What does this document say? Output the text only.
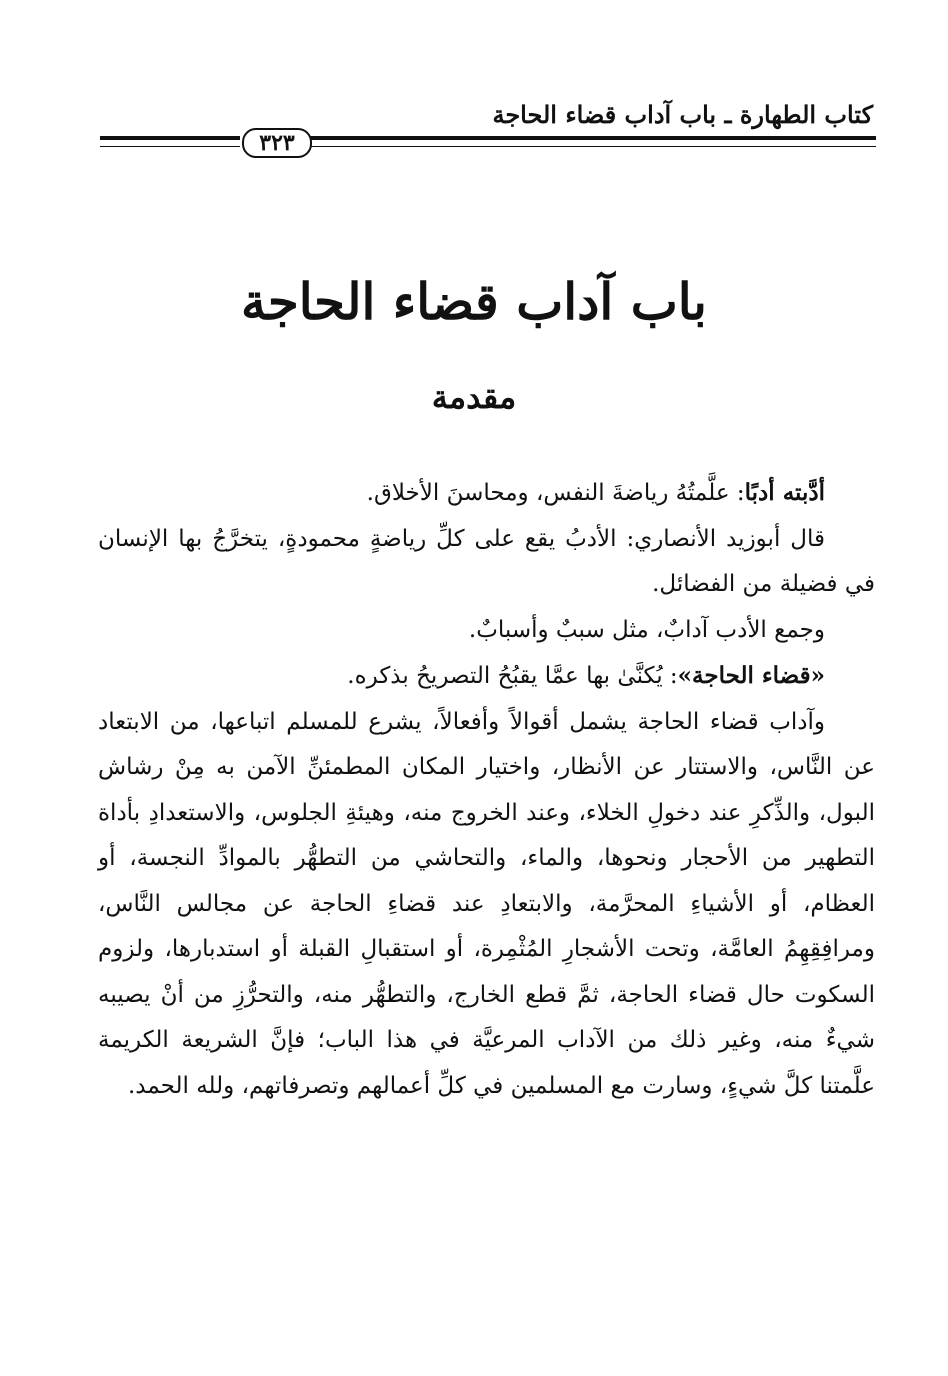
كتاب الطهارة ـ باب آداب قضاء الحاجة
٣٢٣
باب آداب قضاء الحاجة
مقدمة

أدَّبته أدبًا: علَّمتُهُ رياضةَ النفس، ومحاسنَ الأخلاق.

قال أبوزيد الأنصاري: الأدبُ يقع على كلِّ رياضةٍ محمودةٍ، يتخرَّجُ بها الإنسان في فضيلة من الفضائل.

وجمع الأدب آدابٌ، مثل سببٌ وأسبابٌ.

«قضاء الحاجة»: يُكنَّىٰ بها عمَّا يقبُحُ التصريحُ بذكره.

وآداب قضاء الحاجة يشمل أقوالاً وأفعالاً، يشرع للمسلم اتباعها، من الابتعاد عن النَّاس، والاستتار عن الأنظار، واختيار المكان المطمئنِّ الآمن به مِنْ رشاش البول، والذِّكرِ عند دخولِ الخلاء، وعند الخروج منه، وهيئةِ الجلوس، والاستعدادِ بأداة التطهير من الأحجار ونحوها، والماء، والتحاشي من التطهُّر بالموادِّ النجسة، أو العظام، أو الأشياءِ المحرَّمة، والابتعادِ عند قضاءِ الحاجة عن مجالس النَّاس، ومرافِقِهِمُ العامَّة، وتحت الأشجارِ المُثْمِرة، أو استقبالِ القبلة أو استدبارها، ولزوم السكوت حال قضاء الحاجة، ثمَّ قطع الخارج، والتطهُّر منه، والتحرُّزِ من أنْ يصيبه شيءٌ منه، وغير ذلك من الآداب المرعيَّة في هذا الباب؛ فإنَّ الشريعة الكريمة علَّمتنا كلَّ شيءٍ، وسارت مع المسلمين في كلِّ أعمالهم وتصرفاتهم، ولله الحمد.
